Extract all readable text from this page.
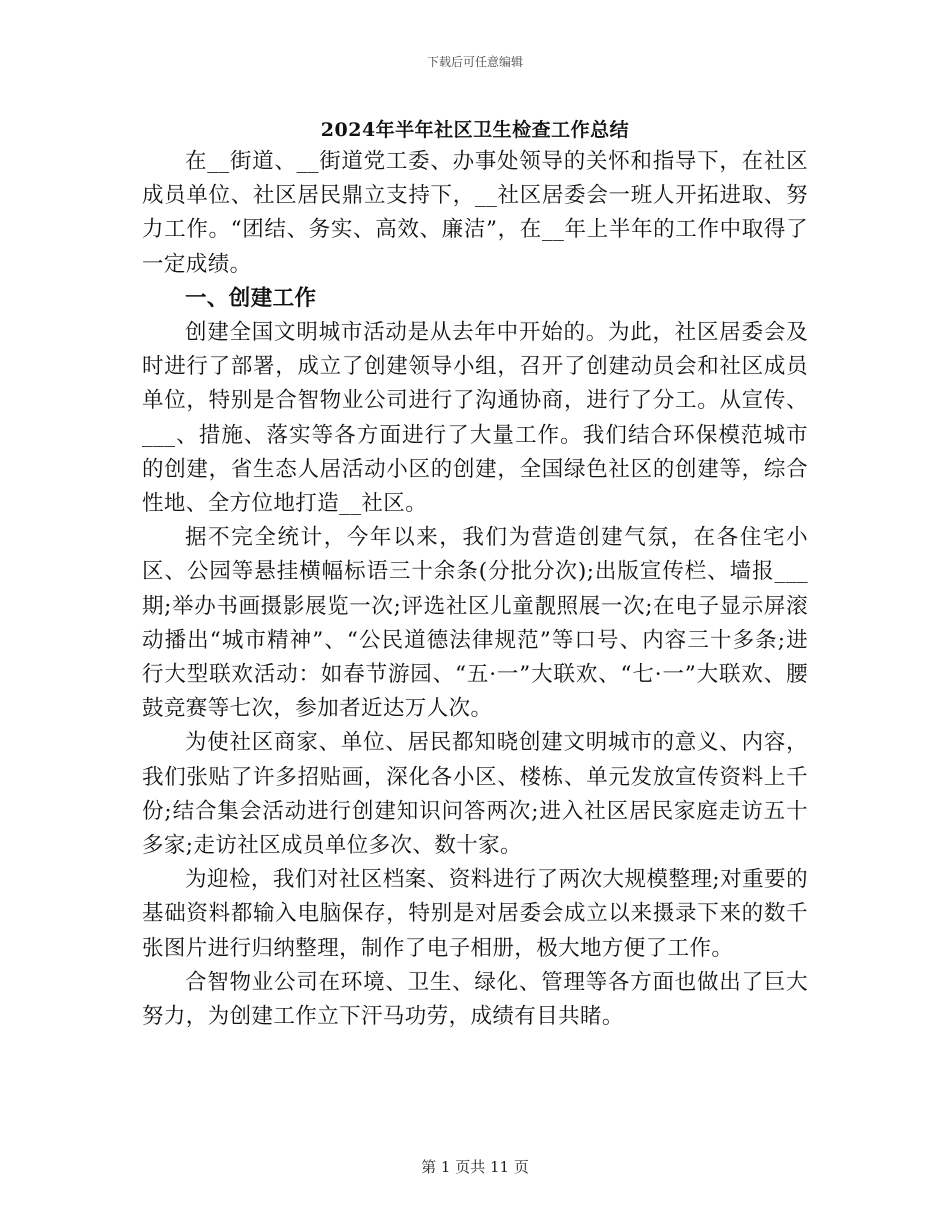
下载后可任意编辑
2024年半年社区卫生检查工作总结

在__街道、__街道党工委、办事处领导的关怀和指导下，在社区成员单位、社区居民鼎立支持下，__社区居委会一班人开拓进取、努力工作。“团结、务实、高效、廉洁”，在__年上半年的工作中取得了一定成绩。

一、创建工作

创建全国文明城市活动是从去年中开始的。为此，社区居委会及时进行了部署，成立了创建领导小组，召开了创建动员会和社区成员单位，特别是合智物业公司进行了沟通协商，进行了分工。从宣传、___、措施、落实等各方面进行了大量工作。我们结合环保模范城市的创建，省生态人居活动小区的创建，全国绿色社区的创建等，综合性地、全方位地打造__社区。

据不完全统计，今年以来，我们为营造创建气氛，在各住宅小区、公园等悬挂横幅标语三十余条(分批分次);出版宣传栏、墙报___期;举办书画摄影展览一次;评选社区儿童靓照展一次;在电子显示屏滚动播出“城市精神”、“公民道德法律规范”等口号、内容三十多条;进行大型联欢活动：如春节游园、“五·一”大联欢、“七·一”大联欢、腰鼓竞赛等七次，参加者近达万人次。

为使社区商家、单位、居民都知晓创建文明城市的意义、内容，我们张贴了许多招贴画，深化各小区、楼栋、单元发放宣传资料上千份;结合集会活动进行创建知识问答两次;进入社区居民家庭走访五十多家;走访社区成员单位多次、数十家。

为迎检，我们对社区档案、资料进行了两次大规模整理;对重要的基础资料都输入电脑保存，特别是对居委会成立以来摄录下来的数千张图片进行归纳整理，制作了电子相册，极大地方便了工作。

合智物业公司在环境、卫生、绿化、管理等各方面也做出了巨大努力，为创建工作立下汗马功劳，成绩有目共睹。

第 1 页共 11 页
